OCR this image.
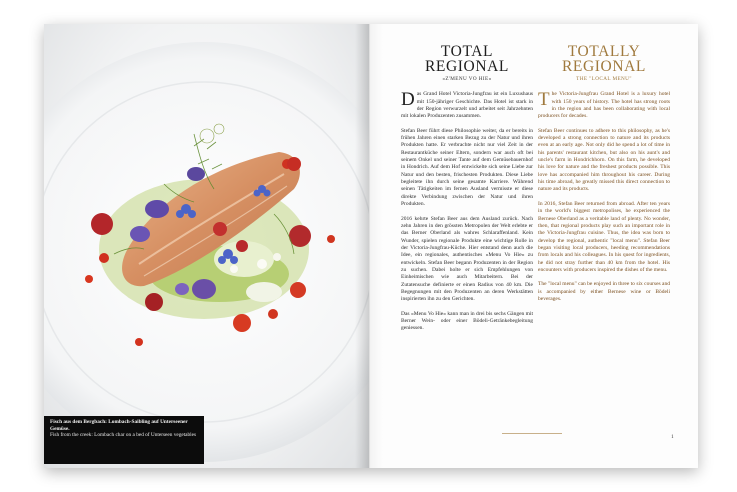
Fisch aus dem Bergbach: Lombach-Saibling auf Unterseener Gemüse.
Fish from the creek: Lombach char on a bed of Unterseen vegetables
TOTAL
REGIONAL
«Z'MENU VO HIE»

Das Grand Hotel Victoria-Jungfrau ist ein Luxushaus mit 150-jähriger Geschichte. Das Hotel ist stark in der Region verwurzelt und arbeitet seit Jahrzehnten mit lokalen Produzenten zusammen.

Stefan Beer führt diese Philosophie weiter, da er bereits in frühen Jahren einen starken Bezug zu der Natur und ihren Produkten hatte. Er verbrachte nicht nur viel Zeit in der Restaurantküche seiner Eltern, sondern war auch oft bei seinem Onkel und seiner Tante auf dem Gemüsebauernhof in Hondrich. Auf dem Hof entwickelte sich seine Liebe zur Natur und den besten, frischesten Produkten. Diese Liebe begleitete ihn durch seine gesamte Karriere. Während seinen Tätigkeiten im fernen Ausland vermisste er diese direkte Verbindung zwischen der Natur und ihren Produkten.

2016 kehrte Stefan Beer aus dem Ausland zurück. Nach zehn Jahren in den grössten Metropolen der Welt erlebte er das Berner Oberland als wahres Schlaraffenland. Kein Wunder, spielen regionale Produkte eine wichtige Rolle in der Victoria-Jungfrau-Küche. Hier entstand denn auch die Idee, ein regionales, authentisches «Menu Vo Hie» zu entwickeln. Stefan Beer begann Produzenten in der Region zu suchen. Dabei holte er sich Empfehlungen von Einheimischen wie auch Mitarbeitern. Bei der Zutatensuche definierte er einen Radius von 40 km. Die Begegnungen mit den Produzenten an deren Werkstätten inspirierten ihn zu den Gerichten.

Das «Menu Vo Hie» kann man in drei bis sechs Gängen mit Berner Wein- oder einer Bödeli-Getränkebegleitung geniessen.

TOTALLY
REGIONAL
THE "LOCAL MENU"

The Victoria-Jungfrau Grand Hotel is a luxury hotel with 150 years of history. The hotel has strong roots in the region and has been collaborating with local producers for decades.

Stefan Beer continues to adhere to this philosophy, as he's developed a strong connection to nature and its products even at an early age. Not only did he spend a lot of time in his parents' restaurant kitchen, but also on his aunt's and uncle's farm in Hondrichhorn. On this farm, he developed his love for nature and the freshest products possible. This love has accompanied him throughout his career. During his time abroad, he greatly missed this direct connection to nature and its products.

In 2016, Stefan Beer returned from abroad. After ten years in the world's biggest metropolises, he experienced the Bernese Oberland as a veritable land of plenty. No wonder, then, that regional products play such an important role in the Victoria-Jungfrau cuisine. Thus, the idea was born to develop the regional, authentic "local menu". Stefan Beer began visiting local producers, heeding recommendations from locals and his colleagues. In his quest for ingredients, he did not stray further than 40 km from the hotel. His encounters with producers inspired the dishes of the menu.

The "local menu" can be enjoyed in three to six courses and is accompanied by either Bernese wine or Bödeli beverages.

1
